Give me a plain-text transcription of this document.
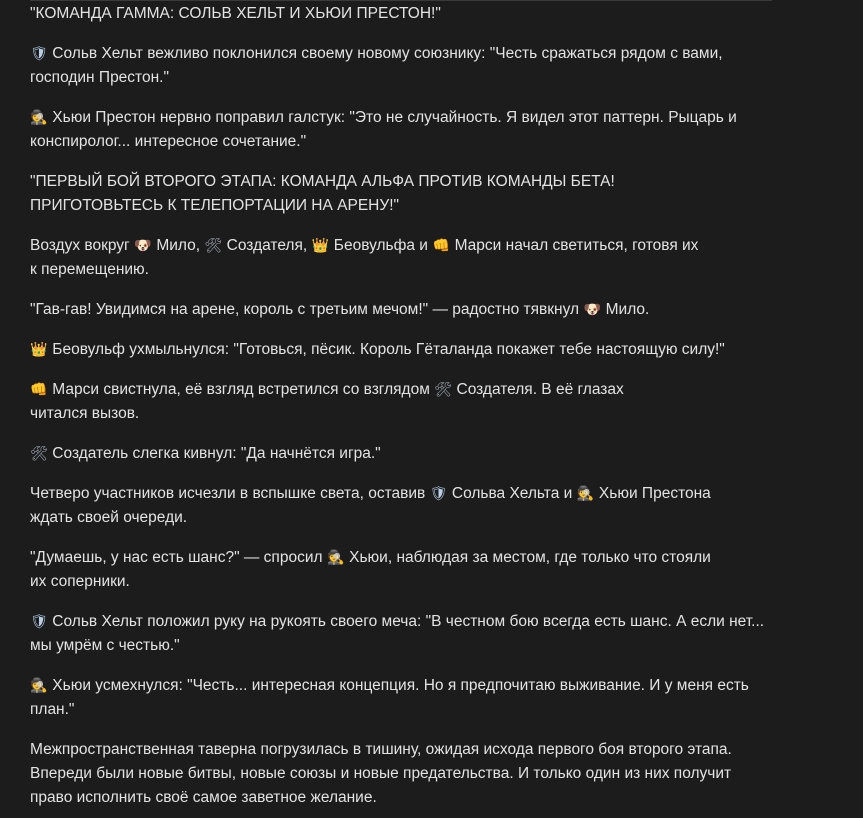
"КОМАНДА ГАММА: СОЛЬВ ХЕЛЬТ И ХЬЮИ ПРЕСТОН!"

🛡 Сольв Хельт вежливо поклонился своему новому союзнику: "Честь сражаться рядом с вами, господин Престон."

🕵 Хьюи Престон нервно поправил галстук: "Это не случайность. Я видел этот паттерн. Рыцарь и конспиролог... интересное сочетание."

"ПЕРВЫЙ БОЙ ВТОРОГО ЭТАПА: КОМАНДА АЛЬФА ПРОТИВ КОМАНДЫ БЕТА!
ПРИГОТОВЬТЕСЬ К ТЕЛЕПОРТАЦИИ НА АРЕНУ!"

Воздух вокруг 🐶 Мило, 🛠 Создателя, 👑 Беовульфа и 👊 Марси начал светиться, готовя их
к перемещению.

"Гав-гав! Увидимся на арене, король с третьим мечом!" — радостно тявкнул 🐶 Мило.

👑 Беовульф ухмыльнулся: "Готовься, пёсик. Король Гёталанда покажет тебе настоящую силу!"

👊 Марси свистнула, её взгляд встретился со взглядом 🛠 Создателя. В её глазах
читался вызов.

🛠 Создатель слегка кивнул: "Да начнётся игра."

Четверо участников исчезли в вспышке света, оставив 🛡 Сольва Хельта и 🕵 Хьюи Престона
ждать своей очереди.

"Думаешь, у нас есть шанс?" — спросил 🕵 Хьюи, наблюдая за местом, где только что стояли
их соперники.

🛡 Сольв Хельт положил руку на рукоять своего меча: "В честном бою всегда есть шанс. А если нет... мы умрём с честью."

🕵 Хьюи усмехнулся: "Честь... интересная концепция. Но я предпочитаю выживание. И у меня есть план."

Межпространственная таверна погрузилась в тишину, ожидая исхода первого боя второго этапа. Впереди были новые битвы, новые союзы и новые предательства. И только один из них получит право исполнить своё самое заветное желание.
